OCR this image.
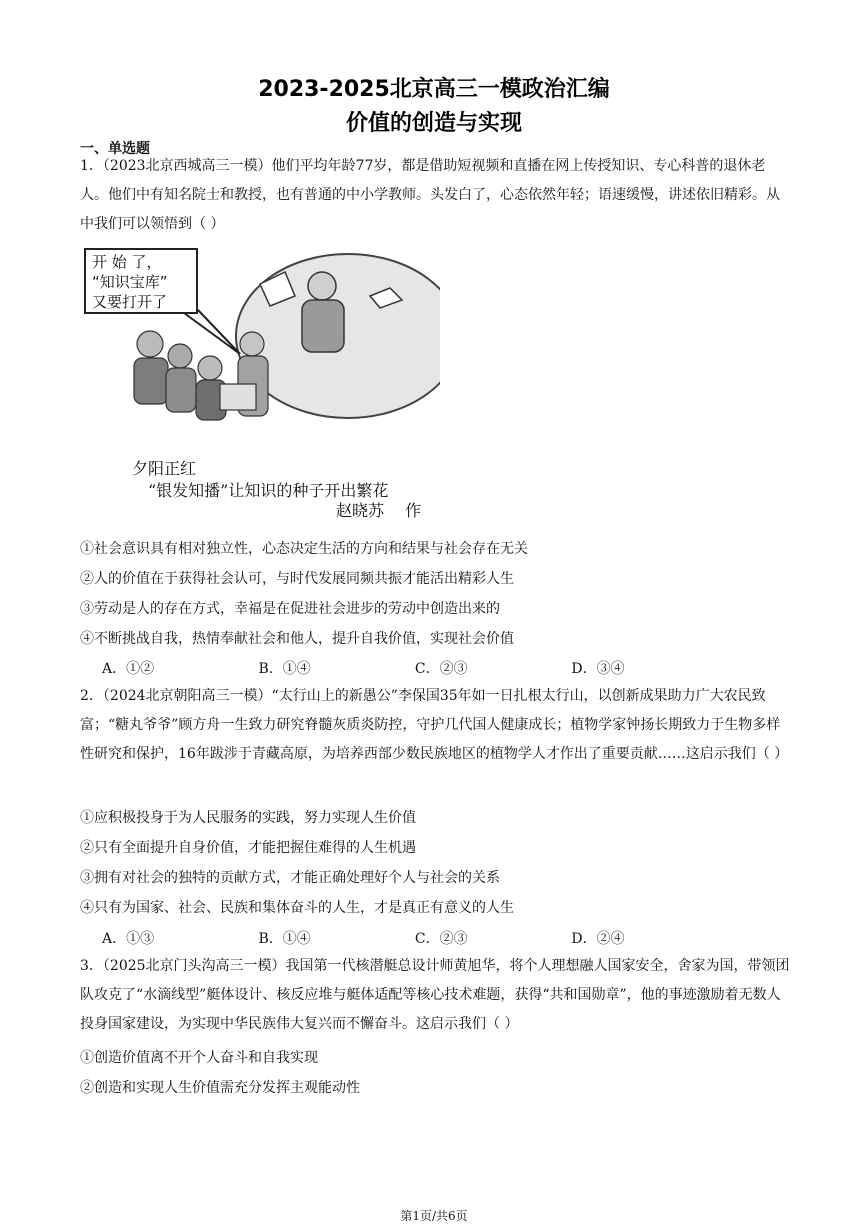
2023-2025北京高三一模政治汇编
价值的创造与实现
一、单选题
1．（2023北京西城高三一模）他们平均年龄77岁，都是借助短视频和直播在网上传授知识、专心科普的退休老人。他们中有知名院士和教授，也有普通的中小学教师。头发白了，心态依然年轻；语速缓慢，讲述依旧精彩。从中我们可以领悟到（ ）
开 始 了，
“知识宝库”
又要打开了
夕阳正红
“银发知播”让知识的种子开出繁花
赵晓苏　 作
①社会意识具有相对独立性，心态决定生活的方向和结果与社会存在无关
②人的价值在于获得社会认可，与时代发展同频共振才能活出精彩人生
③劳动是人的存在方式，幸福是在促进社会进步的劳动中创造出来的
④不断挑战自我，热情奉献社会和他人，提升自我价值，实现社会价值
A．①②	B．①④	C．②③	D．③④
2．（2024北京朝阳高三一模）“太行山上的新愚公”李保国35年如一日扎根太行山，以创新成果助力广大农民致富；“糖丸爷爷”顾方舟一生致力研究脊髓灰质炎防控，守护几代国人健康成长；植物学家钟扬长期致力于生物多样性研究和保护，16年跋涉于青藏高原，为培养西部少数民族地区的植物学人才作出了重要贡献……这启示我们（ ）
①应积极投身于为人民服务的实践，努力实现人生价值
②只有全面提升自身价值，才能把握住难得的人生机遇
③拥有对社会的独特的贡献方式，才能正确处理好个人与社会的关系
④只有为国家、社会、民族和集体奋斗的人生，才是真正有意义的人生
A．①③	B．①④	C．②③	D．②④
3．（2025北京门头沟高三一模）我国第一代核潜艇总设计师黄旭华，将个人理想融人国家安全，舍家为国，带领团队攻克了“水滴线型”艇体设计、核反应堆与艇体适配等核心技术难题，获得“共和国勋章”，他的事迹激励着无数人投身国家建设，为实现中华民族伟大复兴而不懈奋斗。这启示我们（ ）
①创造价值离不开个人奋斗和自我实现
②创造和实现人生价值需充分发挥主观能动性
第1页/共6页
